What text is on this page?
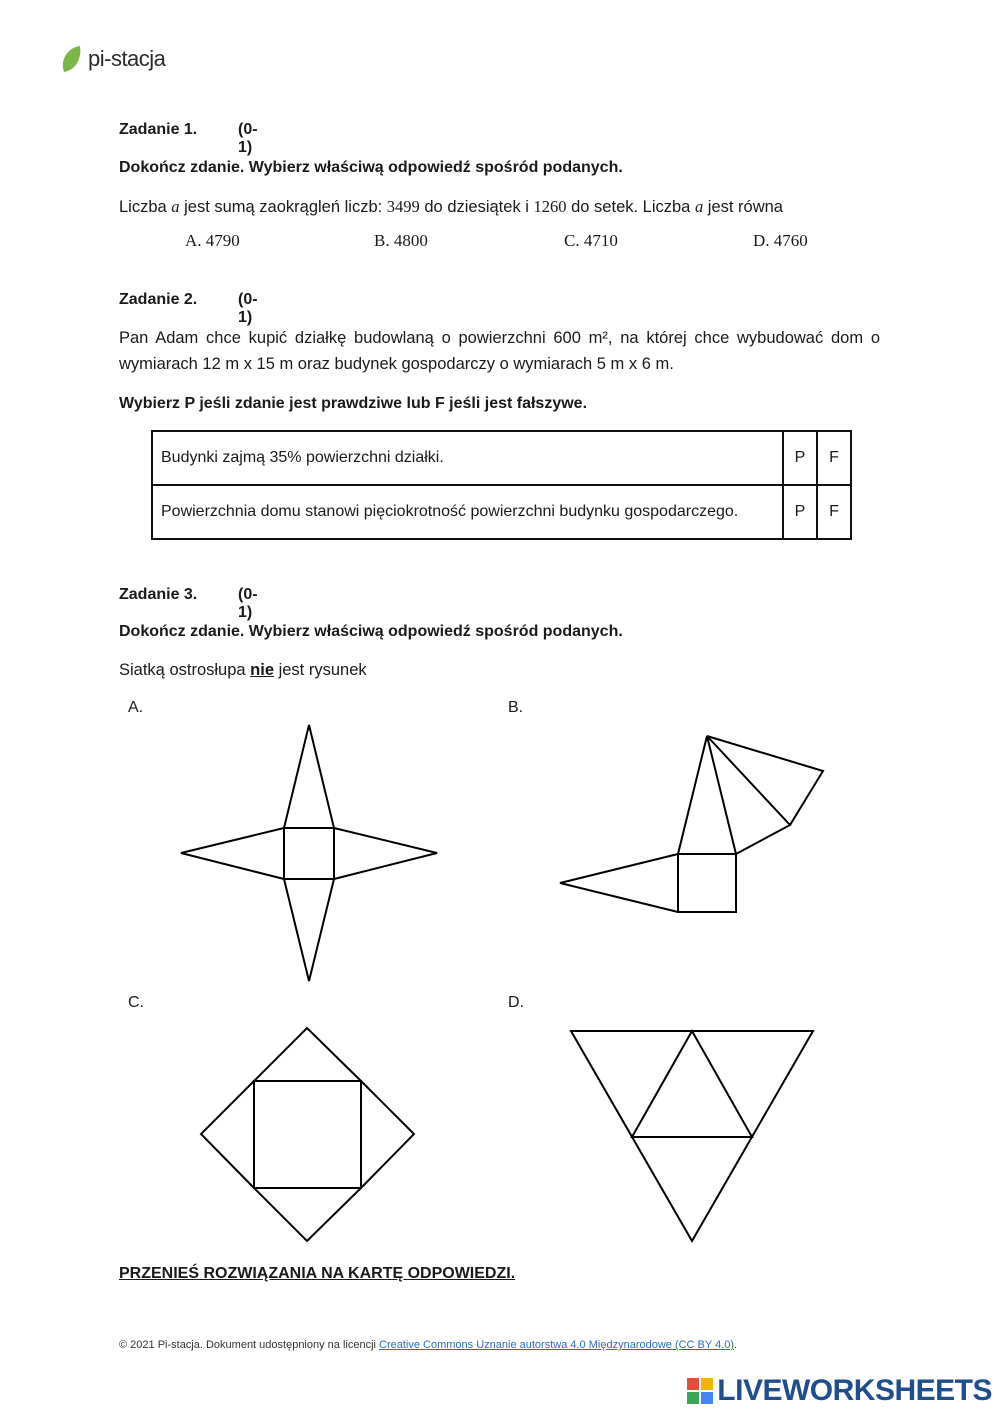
pi-stacja
Zadanie 1.	(0-1)
Dokończ zdanie. Wybierz właściwą odpowiedź spośród podanych.
Liczba a jest sumą zaokrągleń liczb: 3499 do dziesiątek i 1260 do setek. Liczba a jest równa
A. 4790	B. 4800	C. 4710	D. 4760
Zadanie 2.	(0-1)
Pan Adam chce kupić działkę budowlaną o powierzchni 600 m², na której chce wybudować dom o wymiarach 12 m x 15 m oraz budynek gospodarczy o wymiarach 5 m x 6 m.
Wybierz P jeśli zdanie jest prawdziwe lub F jeśli jest fałszywe.
Budynki zajmą 35% powierzchni działki.	P	F
Powierzchnia domu stanowi pięciokrotność powierzchni budynku gospodarczego.	P	F
Zadanie 3.	(0-1)
Dokończ zdanie. Wybierz właściwą odpowiedź spośród podanych.
Siatką ostrosłupa nie jest rysunek
A.	B.
C.	D.
PRZENIEŚ ROZWIĄZANIA NA KARTĘ ODPOWIEDZI.
© 2021 Pi-stacja. Dokument udostępniony na licencji Creative Commons Uznanie autorstwa 4.0 Międzynarodowe (CC BY 4.0).
LIVEWORKSHEETS
